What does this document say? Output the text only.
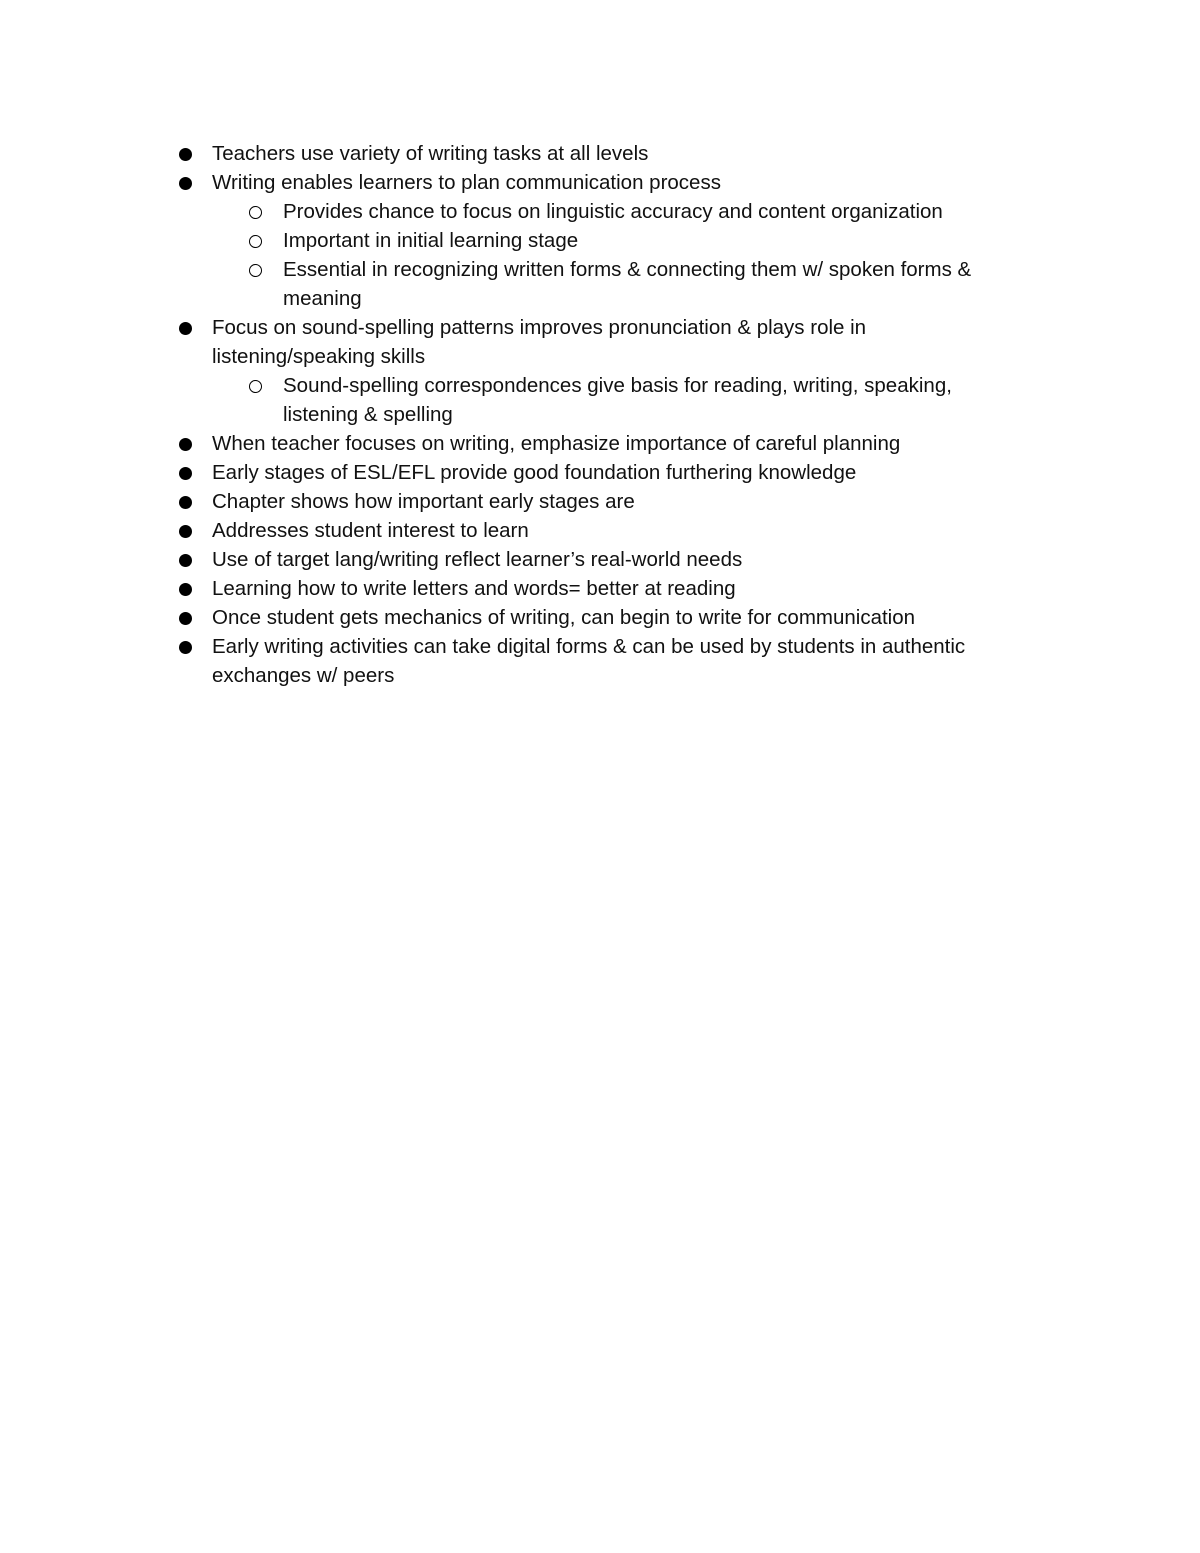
Teachers use variety of writing tasks at all levels
Writing enables learners to plan communication process
Provides chance to focus on linguistic accuracy and content organization
Important in initial learning stage
Essential in recognizing written forms & connecting them w/ spoken forms & meaning
Focus on sound-spelling patterns improves pronunciation & plays role in listening/speaking skills
Sound-spelling correspondences give basis for reading, writing, speaking, listening & spelling
When teacher focuses on writing, emphasize importance of careful planning
Early stages of ESL/EFL provide good foundation furthering knowledge
Chapter shows how important early stages are
Addresses student interest to learn
Use of target lang/writing reflect learner’s real-world needs
Learning how to write letters and words= better at reading
Once student gets mechanics of writing, can begin to write for communication
Early writing activities can take digital forms & can be used by students in authentic exchanges w/ peers
